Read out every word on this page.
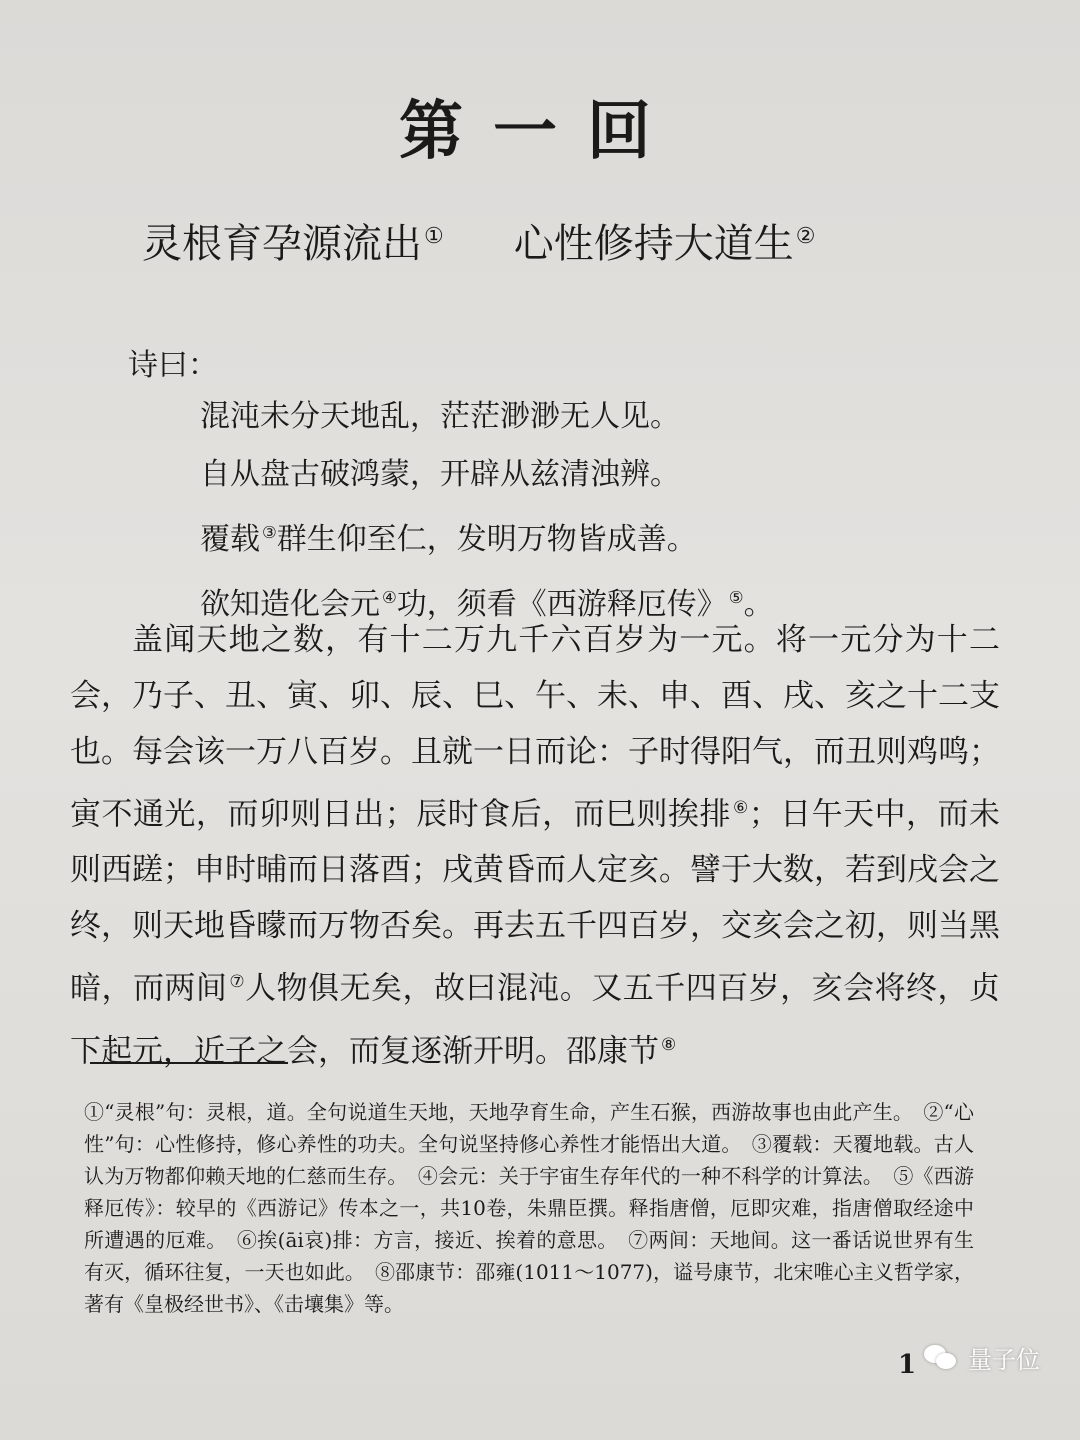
第一回
灵根育孕源流出① 心性修持大道生②
诗曰：
混沌未分天地乱，茫茫渺渺无人见。
自从盘古破鸿蒙，开辟从兹清浊辨。
覆载 ③群生仰至仁，发明万物皆成善。
欲知造化会元 ④功，须看《西游释厄传》 ⑤。
盖闻天地之数，有十二万九千六百岁为一元。将一元分为十二会，乃子、丑、寅、卯、辰、巳、午、未、申、酉、戌、亥之十二支也。每会该一万八百岁。且就一日而论：子时得阳气，而丑则鸡鸣；寅不通光，而卯则日出；辰时食后，而巳则挨排 ⑥；日午天中，而未则西蹉；申时晡而日落酉；戌黄昏而人定亥。譬于大数，若到戌会之终，则天地昏曚而万物否矣。再去五千四百岁，交亥会之初，则当黑暗，而两间 ⑦人物俱无矣，故曰混沌。又五千四百岁，亥会将终，贞下起元，近子之会，而复逐渐开明。邵康节 ⑧
①“灵根”句：灵根，道。全句说道生天地，天地孕育生命，产生石猴，西游故事也由此产生。　②“心性”句：心性修持，修心养性的功夫。全句说坚持修心养性才能悟出大道。　③覆载：天覆地载。古人认为万物都仰赖天地的仁慈而生存。　④会元：关于宇宙生存年代的一种不科学的计算法。　⑤《西游释厄传》：较早的《西游记》传本之一，共10卷，朱鼎臣撰。释指唐僧，厄即灾难，指唐僧取经途中所遭遇的厄难。　⑥挨(āi哀)排：方言，接近、挨着的意思。　⑦两间：天地间。这一番话说世界有生有灭，循环往复，一天也如此。　⑧邵康节：邵雍(1011～1077)，谥号康节，北宋唯心主义哲学家，著有《皇极经世书》、《击壤集》等。
量子位
1
